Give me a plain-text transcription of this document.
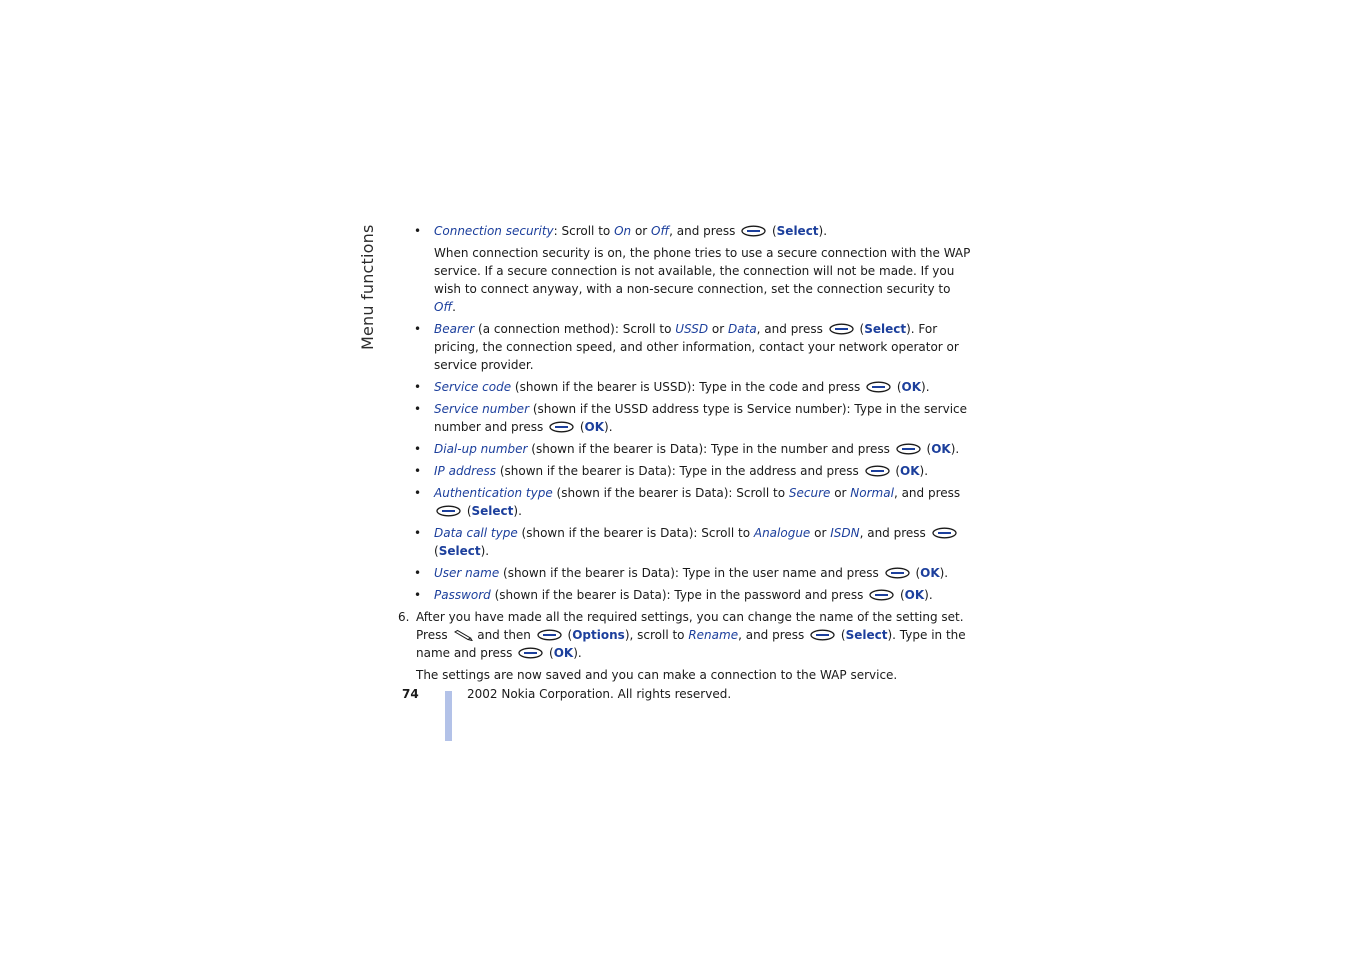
Menu functions	• Connection security: Scroll to On or Off, and press  (Select).
When connection security is on, the phone tries to use a secure connection with the WAP service. If a secure connection is not available, the connection will not be made. If you wish to connect anyway, with a non-secure connection, set the connection security to Off.
• Bearer (a connection method): Scroll to USSD or Data, and press  (Select). For pricing, the connection speed, and other information, contact your network operator or service provider.
• Service code (shown if the bearer is USSD): Type in the code and press  (OK).
• Service number (shown if the USSD address type is Service number): Type in the service number and press  (OK).
• Dial-up number (shown if the bearer is Data): Type in the number and press  (OK).
• IP address (shown if the bearer is Data): Type in the address and press  (OK).
• Authentication type (shown if the bearer is Data): Scroll to Secure or Normal, and press  (Select).
• Data call type (shown if the bearer is Data): Scroll to Analogue or ISDN, and press  (Select).
• User name (shown if the bearer is Data): Type in the user name and press  (OK).
• Password (shown if the bearer is Data): Type in the password and press  (OK).
6. After you have made all the required settings, you can change the name of the setting set. Press  and then  (Options), scroll to Rename, and press  (Select). Type in the name and press  (OK).
The settings are now saved and you can make a connection to the WAP service.
74	2002 Nokia Corporation. All rights reserved.
